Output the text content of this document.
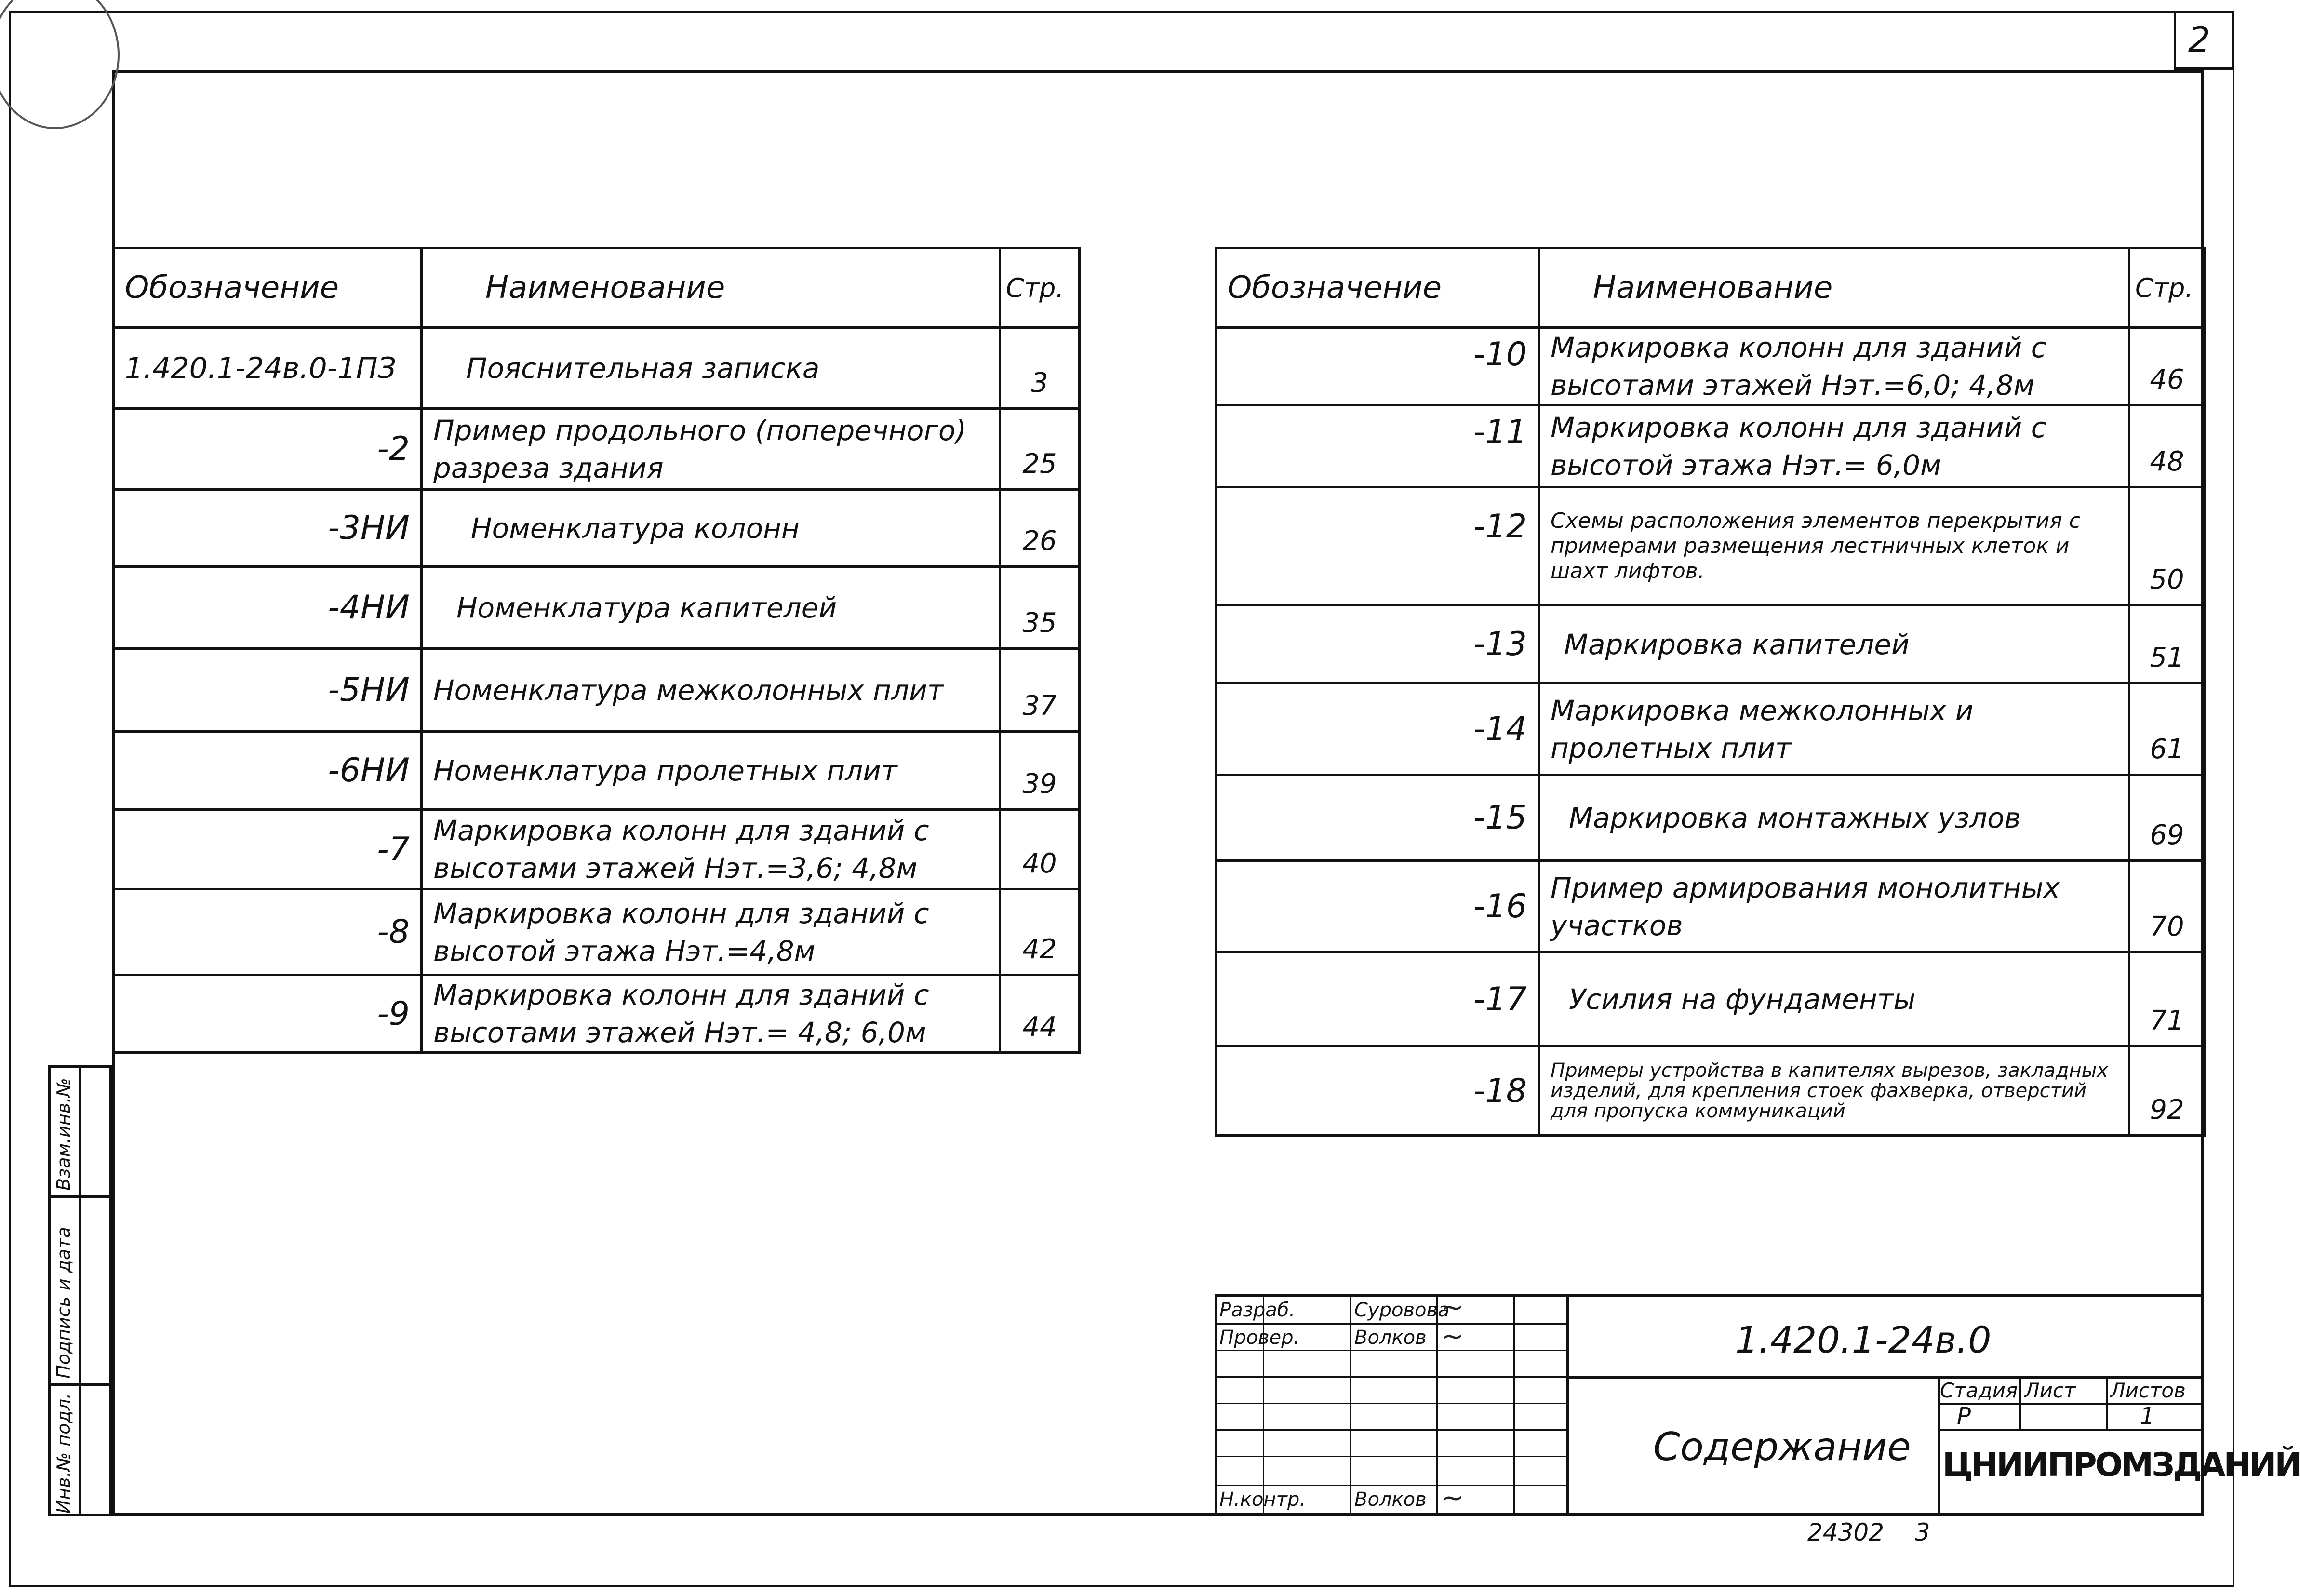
2
Инв.№ подл.
Подпись и дата
Взам.инв.№
Обозначение	Наименование	Стр.
1.420.1-24в.0-1ПЗ	Пояснительная записка	3
-2	Пример продольного (поперечного) разреза здания	25
-3НИ	Номенклатура колонн	26
-4НИ	Номенклатура капителей	35
-5НИ	Номенклатура межколонных плит	37
-6НИ	Номенклатура пролетных плит	39
-7	Маркировка колонн для зданий с высотами этажей Нэт.=3,6; 4,8м	40
-8	Маркировка колонн для зданий с высотой этажа Нэт.=4,8м	42
-9	Маркировка колонн для зданий с высотами этажей Нэт.= 4,8; 6,0м	44
Обозначение	Наименование	Стр.
-10	Маркировка колонн для зданий с высотами этажей Нэт.=6,0; 4,8м	46
-11	Маркировка колонн для зданий с высотой этажа Нэт.= 6,0м	48
-12	Схемы расположения элементов перекрытия с примерами размещения лестничных клеток и шахт лифтов.	50
-13	Маркировка капителей	51
-14	Маркировка межколонных и пролетных плит	61
-15	Маркировка монтажных узлов	69
-16	Пример армирования монолитных участков	70
-17	Усилия на фундаменты	71
-18	Примеры устройства в капителях вырезов, закладных изделий, для крепления стоек фахверка, отверстий для пропуска коммуникаций	92
Разраб.	Суровова
Провер.	Волков
Н.контр.	Волков
~
~
~
1.420.1-24в.0
Содержание
Стадия Лист Листов
Р	1
ЦНИИПРОМЗДАНИЙ
24302    3
